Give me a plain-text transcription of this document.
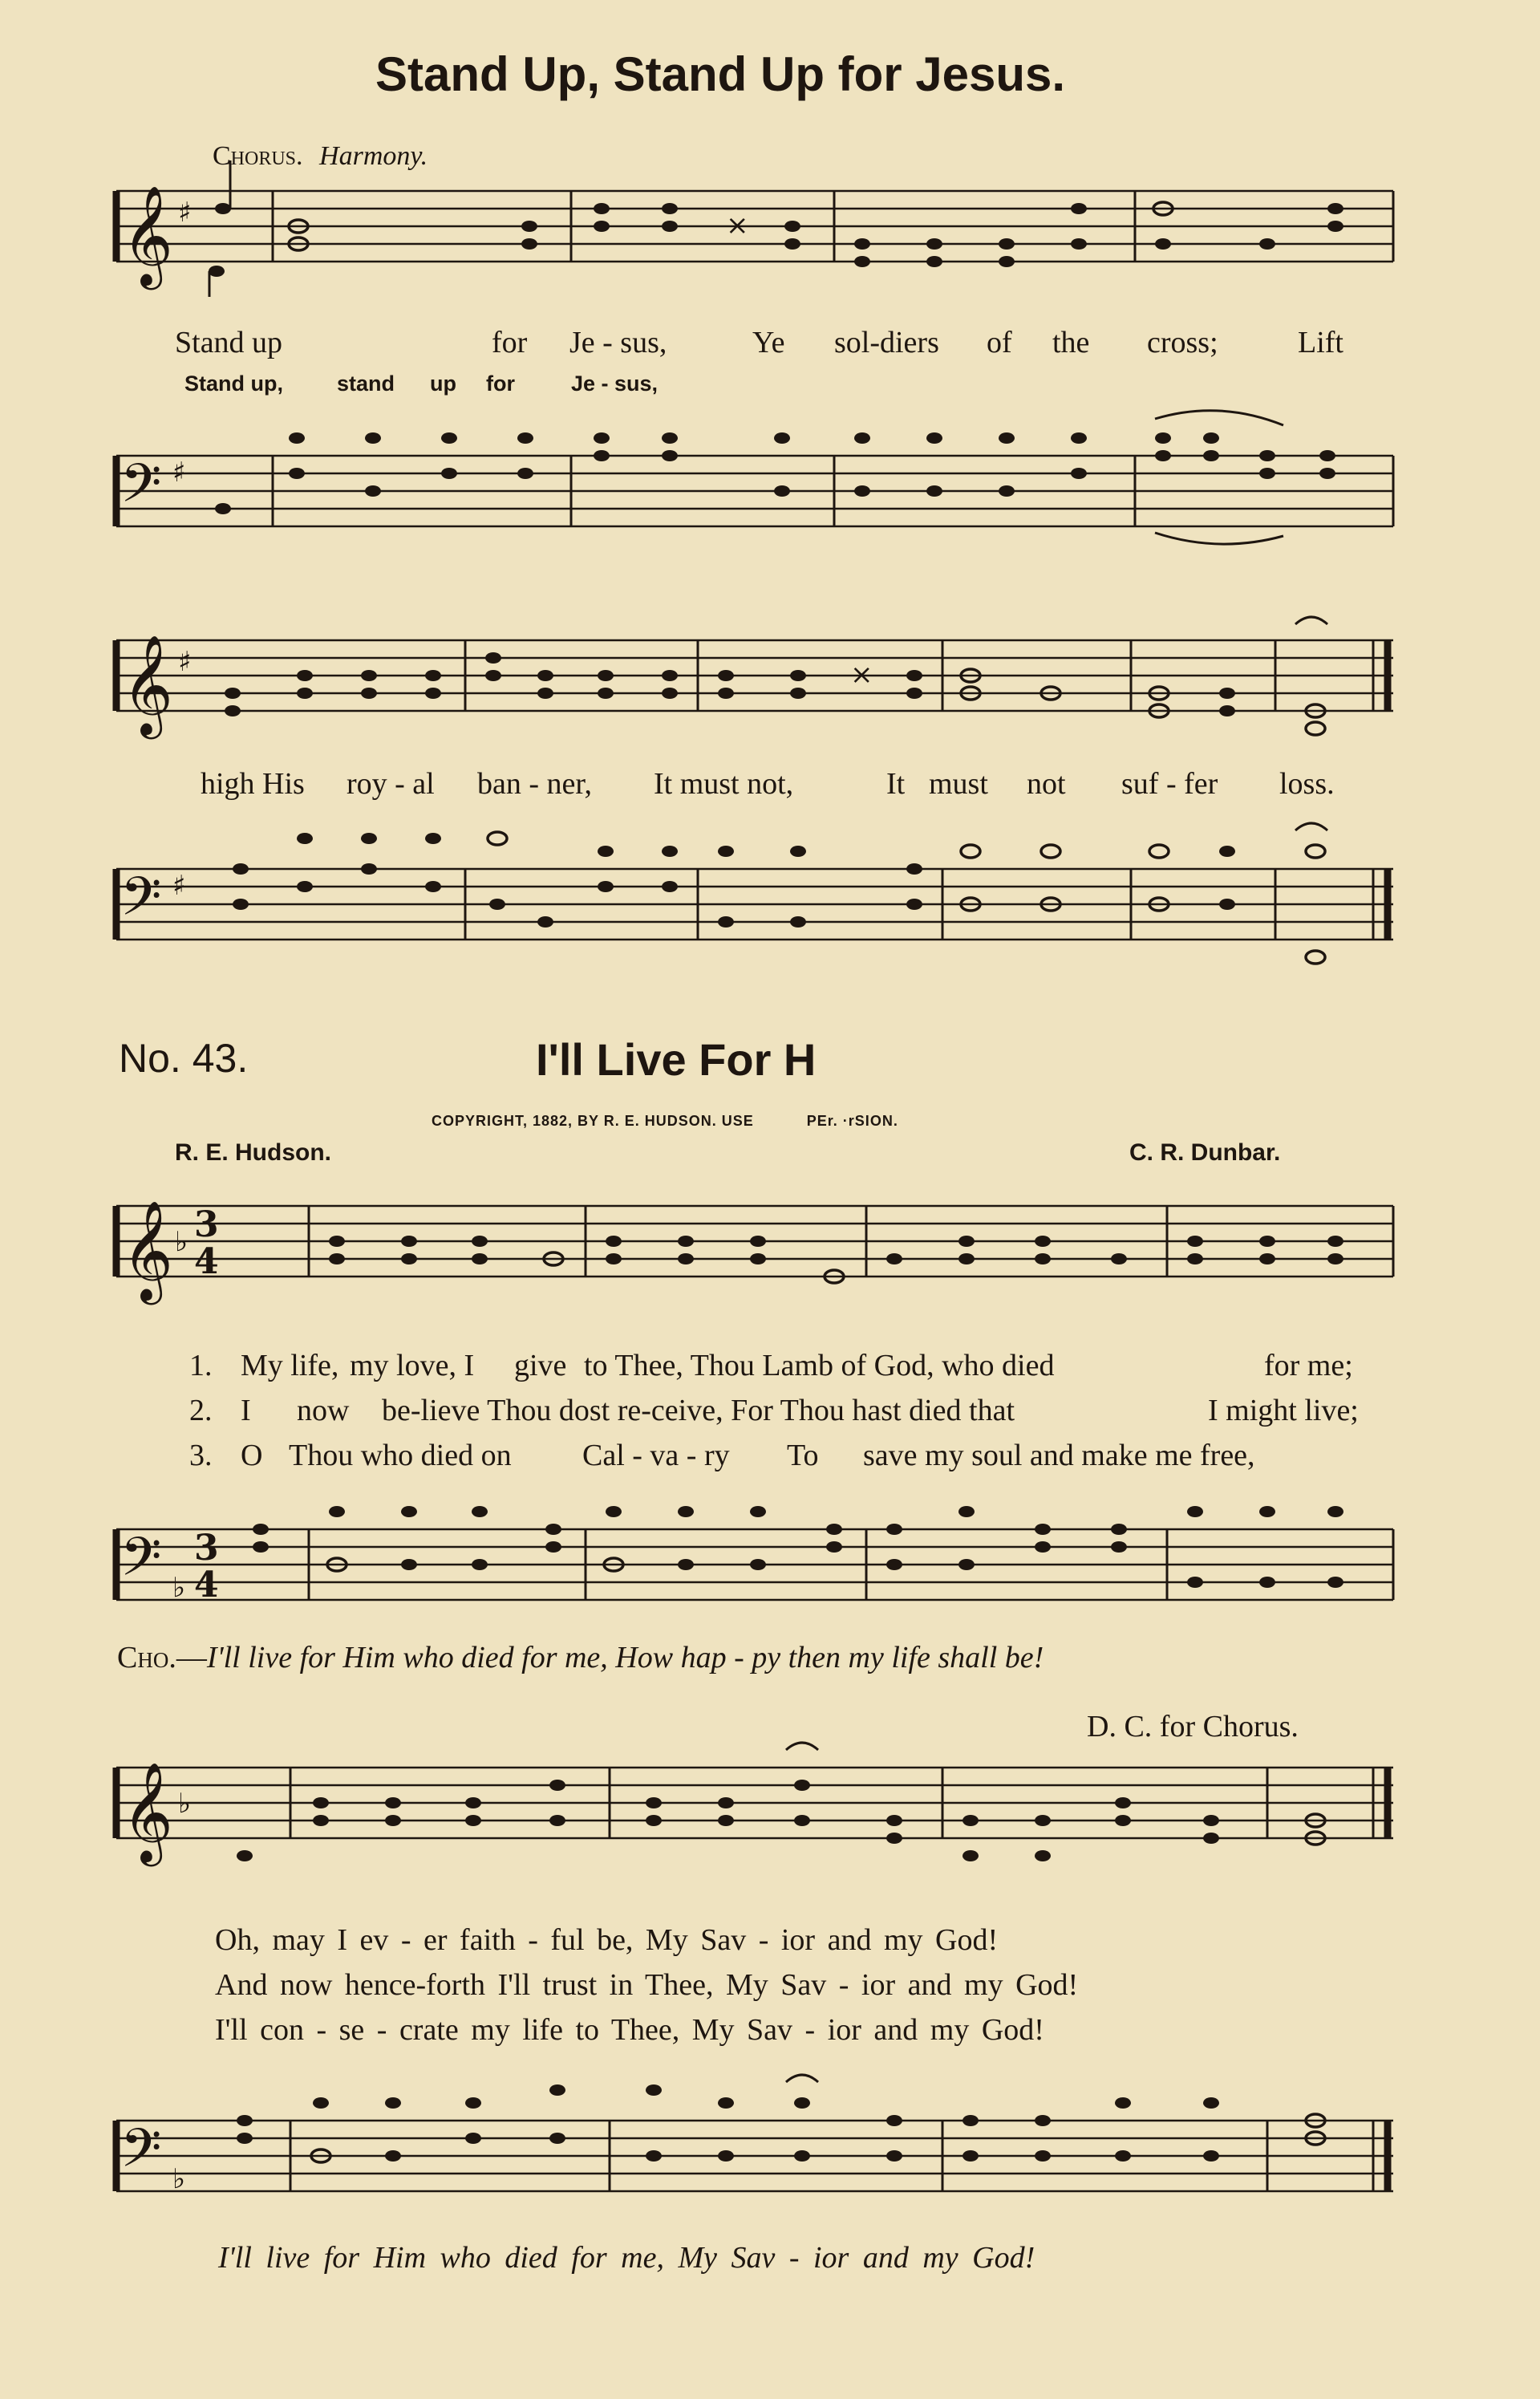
Stand Up, Stand Up for Jesus.
Chorus. Harmony.
𝄞 ♯	×
Stand up	for Je - sus,	Ye sol-diers of the cross;	Lift
Stand up, stand up for	Je - sus,
𝄢 ♯
𝄞 ♯	×
high His roy - al ban - ner, It must not,	It must not suf - fer loss.
𝄢 ♯
No. 43.	I'll Live For H
COPYRIGHT, 1882, BY R. E. HUDSON. USE	PEr. ·rSION.
R. E. Hudson.	C. R. Dunbar.
𝄞 ♭ 3
4
1. My life, my love, I give to Thee, Thou Lamb of God, who died	for me;
2. I now be-lieve Thou dost re-ceive, For Thou hast died that	I might live;
3. O Thou who died on Cal - va - ry To save my soul and make me free,
𝄢 ♭
3
4
Cho.—I'll live for Him who died for me, How hap - py then my life shall be!
D. C. for Chorus.
𝄞 ♭
Oh, may I ev - er faith - ful be, My Sav - ior and my God!
And now hence-forth I'll trust in Thee, My Sav - ior and my God!
I'll con - se - crate my life to Thee, My Sav - ior and my God!
𝄢 ♭
I'll live for Him who died for me, My Sav - ior and my God!
